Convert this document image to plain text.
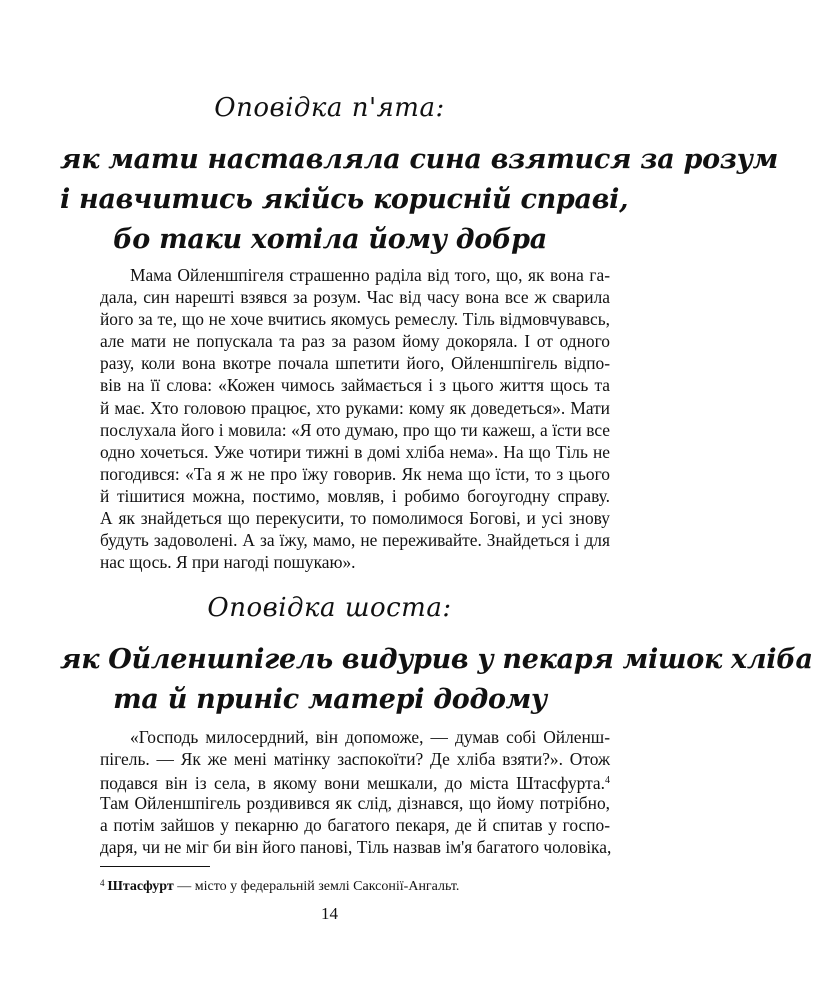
Оповідка п'ята:
як мати наставляла сина взятися за розум
і навчитись якійсь корисній справі,
бо таки хотіла йому добра
Мама Ойленшпігеля страшенно раділа від того, що, як вона га-
дала, син нарешті взявся за розум. Час від часу вона все ж сварила
його за те, що не хоче вчитись якомусь ремеслу. Тіль відмовчувавсь,
але мати не попускала та раз за разом йому докоряла. І от одного
разу, коли вона вкотре почала шпетити його, Ойленшпігель відпо-
вів на її слова: «Кожен чимось займається і з цього життя щось та
й має. Хто головою працює, хто руками: кому як доведеться». Мати
послухала його і мовила: «Я ото думаю, про що ти кажеш, а їсти все
одно хочеться. Уже чотири тижні в домі хліба нема». На що Тіль не
погодився: «Та я ж не про їжу говорив. Як нема що їсти, то з цього
й тішитися можна, постимо, мовляв, і робимо богоугодну справу.
А як знайдеться що перекусити, то помолимося Богові, и усі знову
будуть задоволені. А за їжу, мамо, не переживайте. Знайдеться і для
нас щось. Я при нагоді пошукаю».
Оповідка шоста:
як Ойленшпігель видурив у пекаря мішок хліба
та й приніс матері додому
«Господь милосердний, він допоможе, — думав собі Ойленш-
пігель. — Як же мені матінку заспокоїти? Де хліба взяти?». Отож
подався він із села, в якому вони мешкали, до міста Штасфурта.$^4$
Там Ойленшпігель роздивився як слід, дізнався, що йому потрібно,
а потім зайшов у пекарню до багатого пекаря, де й спитав у госпо-
даря, чи не міг би він його панові, Тіль назвав ім'я багатого чоловіка,
$^4$ Штасфурт — місто у федеральній землі Саксонії-Ангальт.
14
